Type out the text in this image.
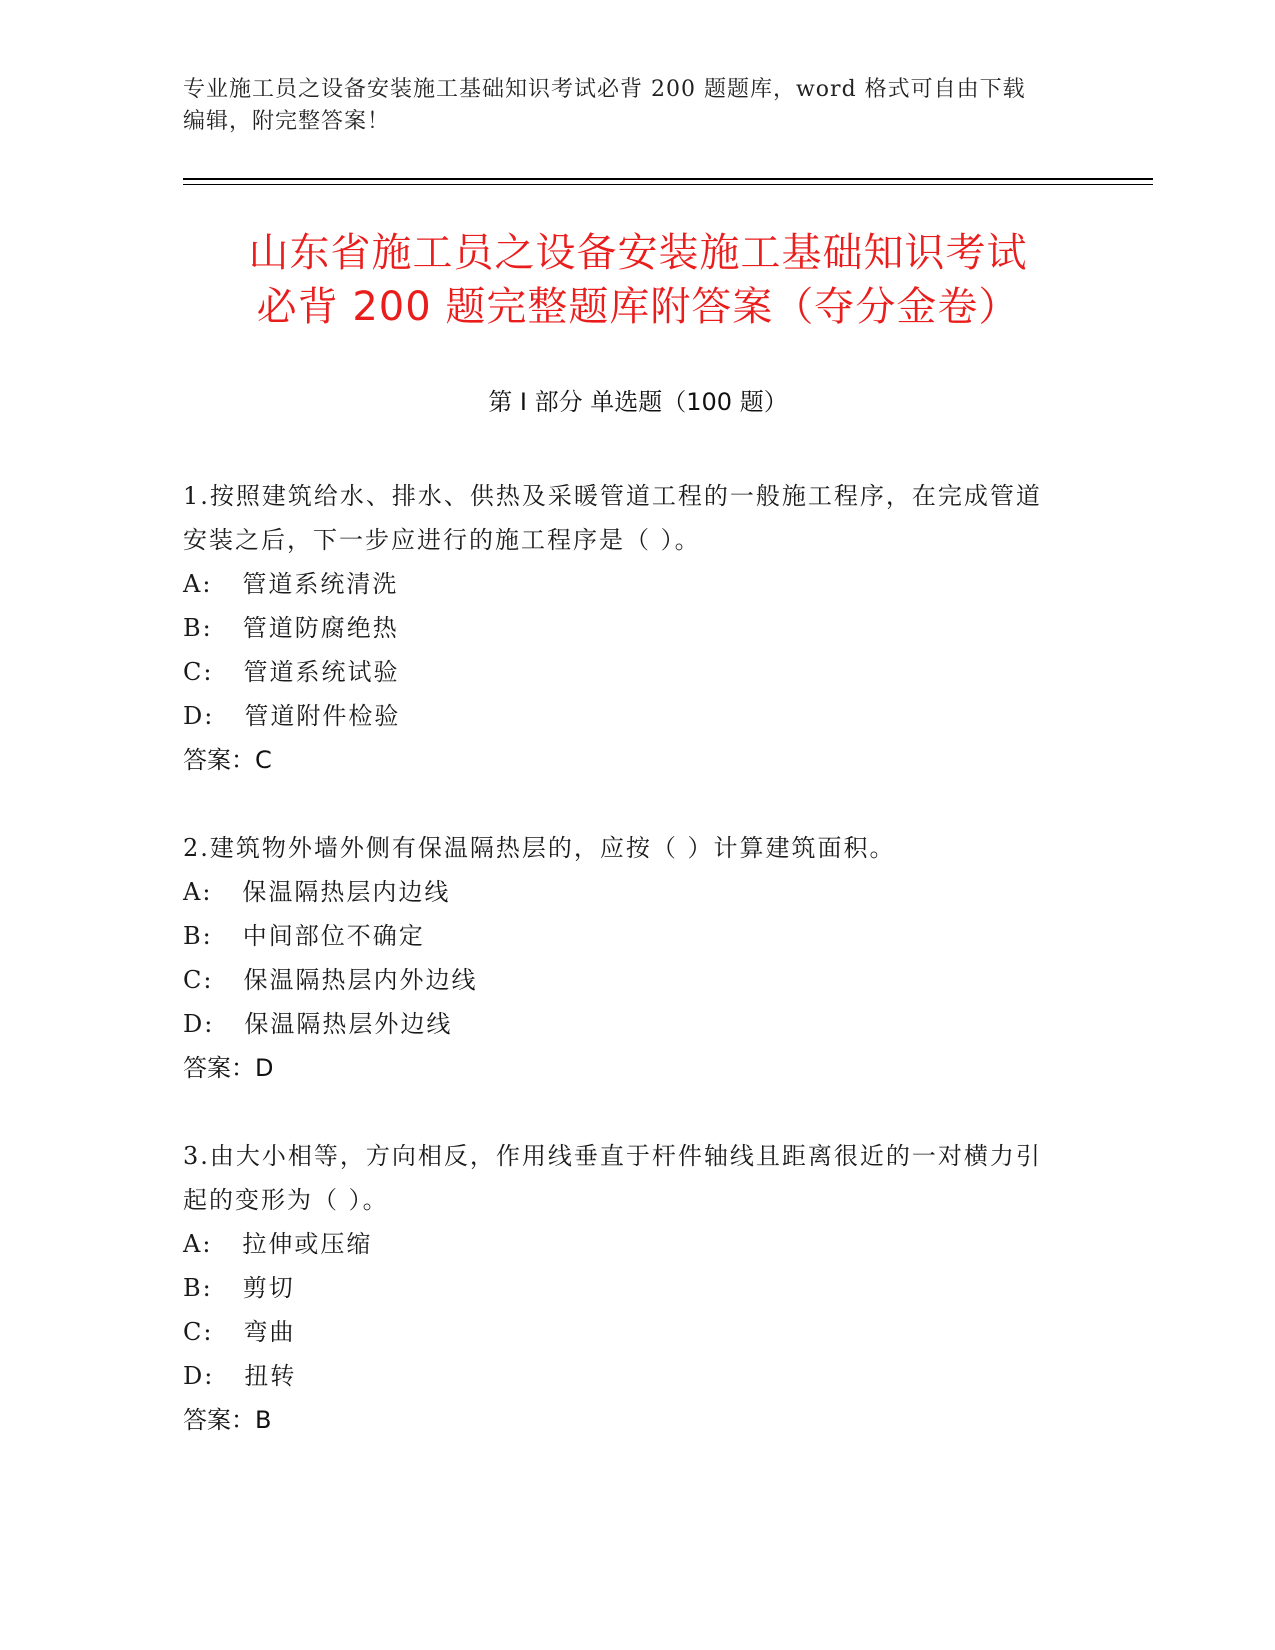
专业施工员之设备安装施工基础知识考试必背 200 题题库，word 格式可自由下载
编辑，附完整答案！
山东省施工员之设备安装施工基础知识考试
必背 200 题完整题库附答案（夺分金卷）
第 I 部分 单选题（100 题）

1.按照建筑给水、排水、供热及采暖管道工程的一般施工程序，在完成管道安装之后，下一步应进行的施工程序是（ ）。

A: 管道系统清洗

B: 管道防腐绝热

C: 管道系统试验

D: 管道附件检验

答案：C

2.建筑物外墙外侧有保温隔热层的，应按（ ）计算建筑面积。

A: 保温隔热层内边线

B: 中间部位不确定

C: 保温隔热层内外边线

D: 保温隔热层外边线

答案：D

3.由大小相等，方向相反，作用线垂直于杆件轴线且距离很近的一对横力引起的变形为（ ）。

A: 拉伸或压缩

B: 剪切

C: 弯曲

D: 扭转

答案：B
